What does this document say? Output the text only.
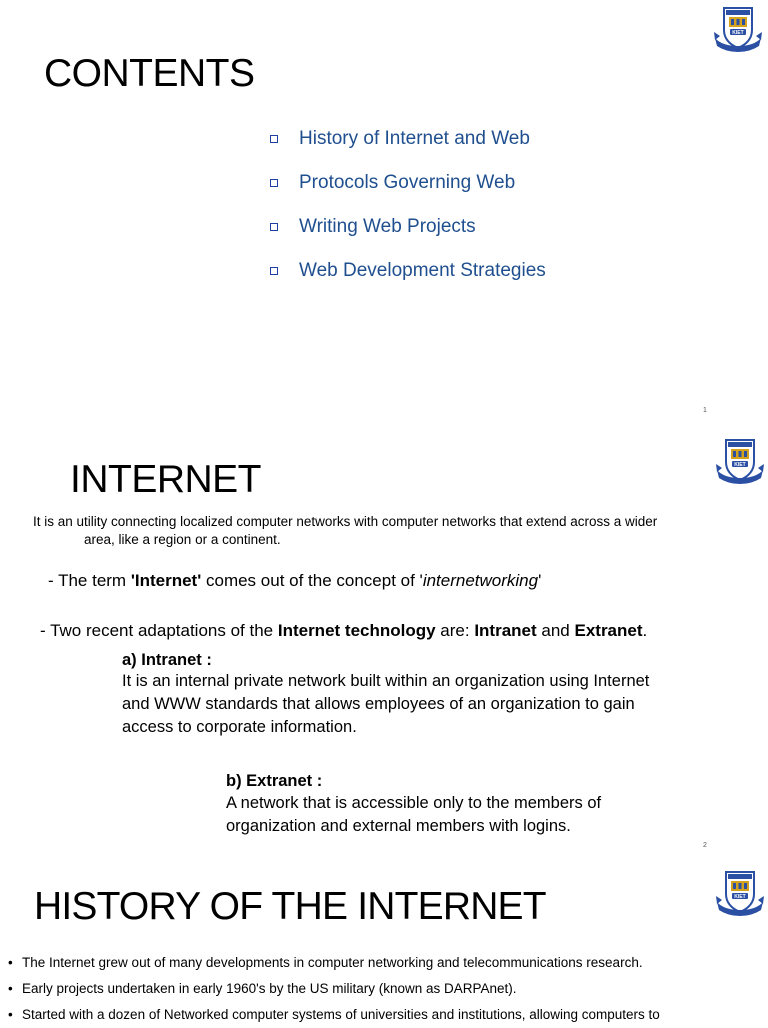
CONTENTS
History of Internet and Web
Protocols Governing Web
Writing Web Projects
Web Development Strategies
1
INTERNET

It is an utility connecting localized computer networks with computer networks that extend across a wider
area, like a region or a continent.

- The term 'Internet' comes out of the concept of 'internetworking'
- Two recent adaptations of the Internet technology are: Intranet and Extranet.
a) Intranet :
It is an internal private network built within an organization using Internet
and WWW standards that allows employees of an organization to gain
access to corporate information.
b) Extranet :
A network that is accessible only to the members of
organization and external members with logins.
2
HISTORY OF THE INTERNET
• The Internet grew out of many developments in computer networking and telecommunications research.
• Early projects undertaken in early 1960's by the US military (known as DARPAnet).
• Started with a dozen of Networked computer systems of universities and institutions, allowing computers to
